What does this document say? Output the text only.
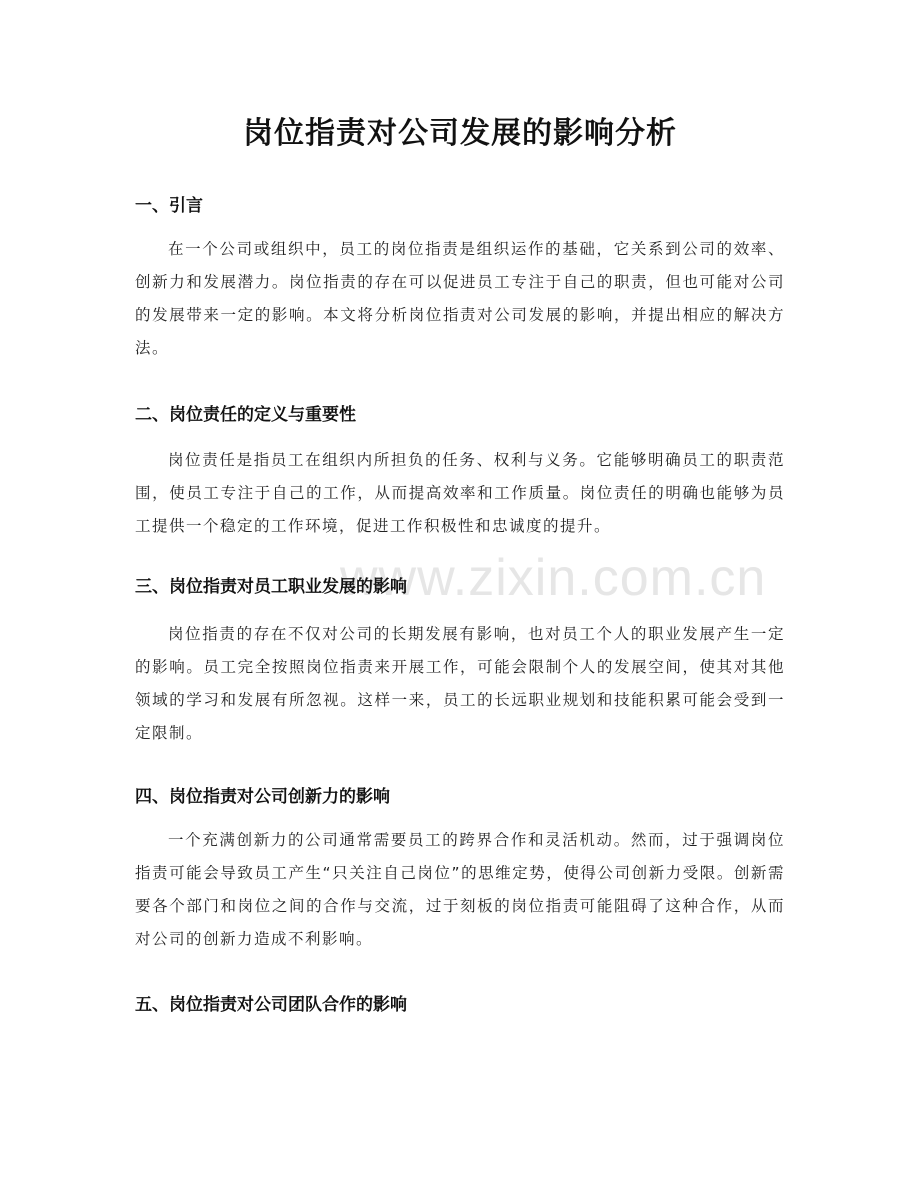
www.zixin.com.cn
岗位指责对公司发展的影响分析
一、引言

在一个公司或组织中，员工的岗位指责是组织运作的基础，它关系到公司的效率、创新力和发展潜力。岗位指责的存在可以促进员工专注于自己的职责，但也可能对公司的发展带来一定的影响。本文将分析岗位指责对公司发展的影响，并提出相应的解决方法。

二、岗位责任的定义与重要性

岗位责任是指员工在组织内所担负的任务、权利与义务。它能够明确员工的职责范围，使员工专注于自己的工作，从而提高效率和工作质量。岗位责任的明确也能够为员工提供一个稳定的工作环境，促进工作积极性和忠诚度的提升。

三、岗位指责对员工职业发展的影响

岗位指责的存在不仅对公司的长期发展有影响，也对员工个人的职业发展产生一定的影响。员工完全按照岗位指责来开展工作，可能会限制个人的发展空间，使其对其他领域的学习和发展有所忽视。这样一来，员工的长远职业规划和技能积累可能会受到一定限制。

四、岗位指责对公司创新力的影响

一个充满创新力的公司通常需要员工的跨界合作和灵活机动。然而，过于强调岗位指责可能会导致员工产生“只关注自己岗位”的思维定势，使得公司创新力受限。创新需要各个部门和岗位之间的合作与交流，过于刻板的岗位指责可能阻碍了这种合作，从而对公司的创新力造成不利影响。

五、岗位指责对公司团队合作的影响
